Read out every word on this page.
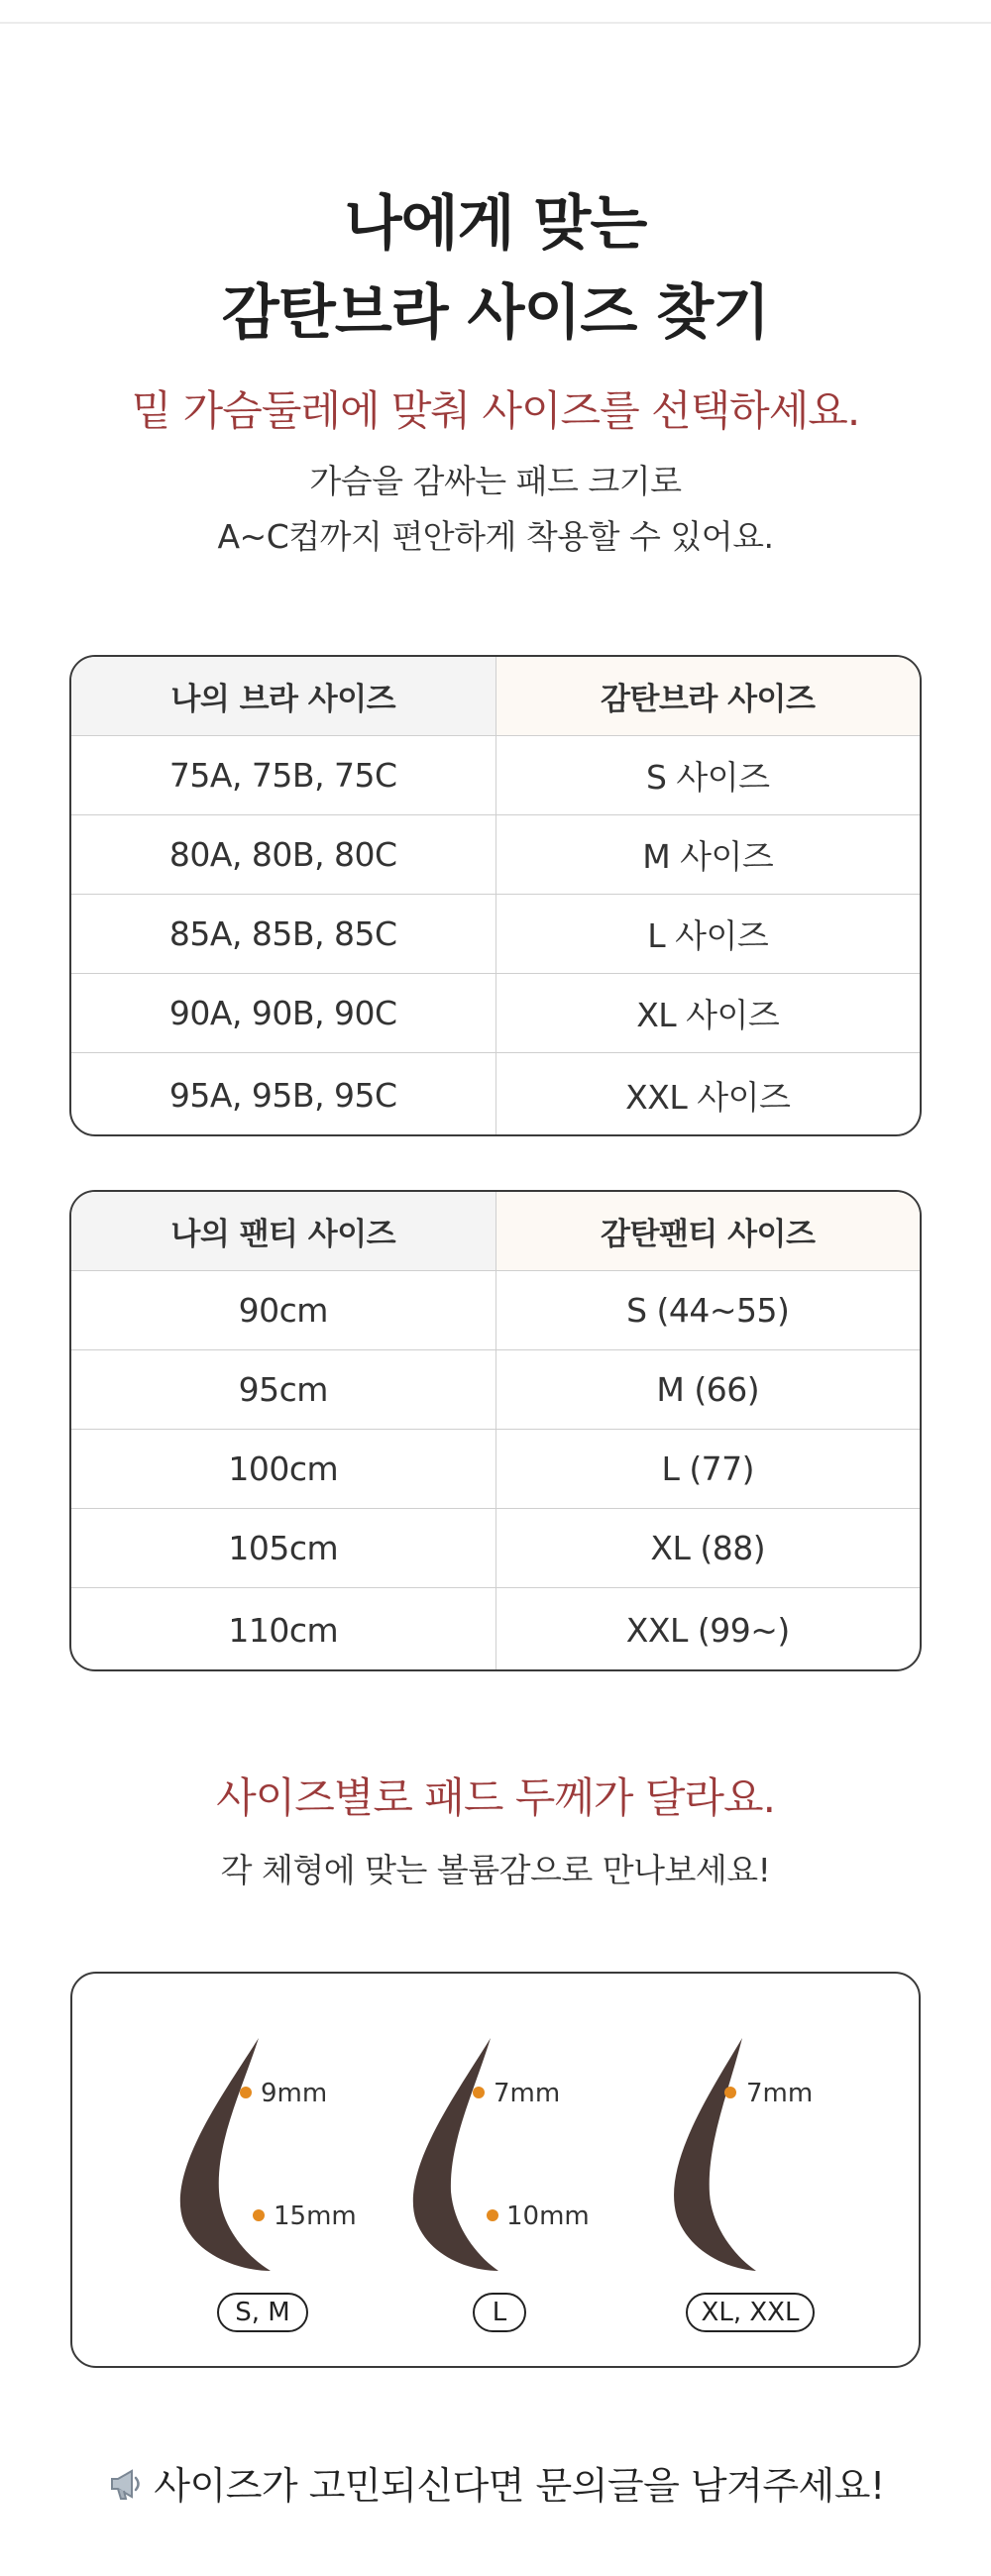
나에게 맞는
감탄브라 사이즈 찾기

밑 가슴둘레에 맞춰 사이즈를 선택하세요.

가슴을 감싸는 패드 크기로

A~C컵까지 편안하게 착용할 수 있어요.

나의 브라 사이즈	감탄브라 사이즈
75A, 75B, 75C	S 사이즈
80A, 80B, 80C	M 사이즈
85A, 85B, 85C	L 사이즈
90A, 90B, 90C	XL 사이즈
95A, 95B, 95C	XXL 사이즈
나의 팬티 사이즈	감탄팬티 사이즈
90cm	S (44~55)
95cm	M (66)
100cm	L (77)
105cm	XL (88)
110cm	XXL (99~)

사이즈별로 패드 두께가 달라요.

각 체형에 맞는 볼륨감으로 만나보세요!

9mm
15mm
7mm
10mm
7mm
S, M	L	XL, XXL

사이즈가 고민되신다면 문의글을 남겨주세요!
